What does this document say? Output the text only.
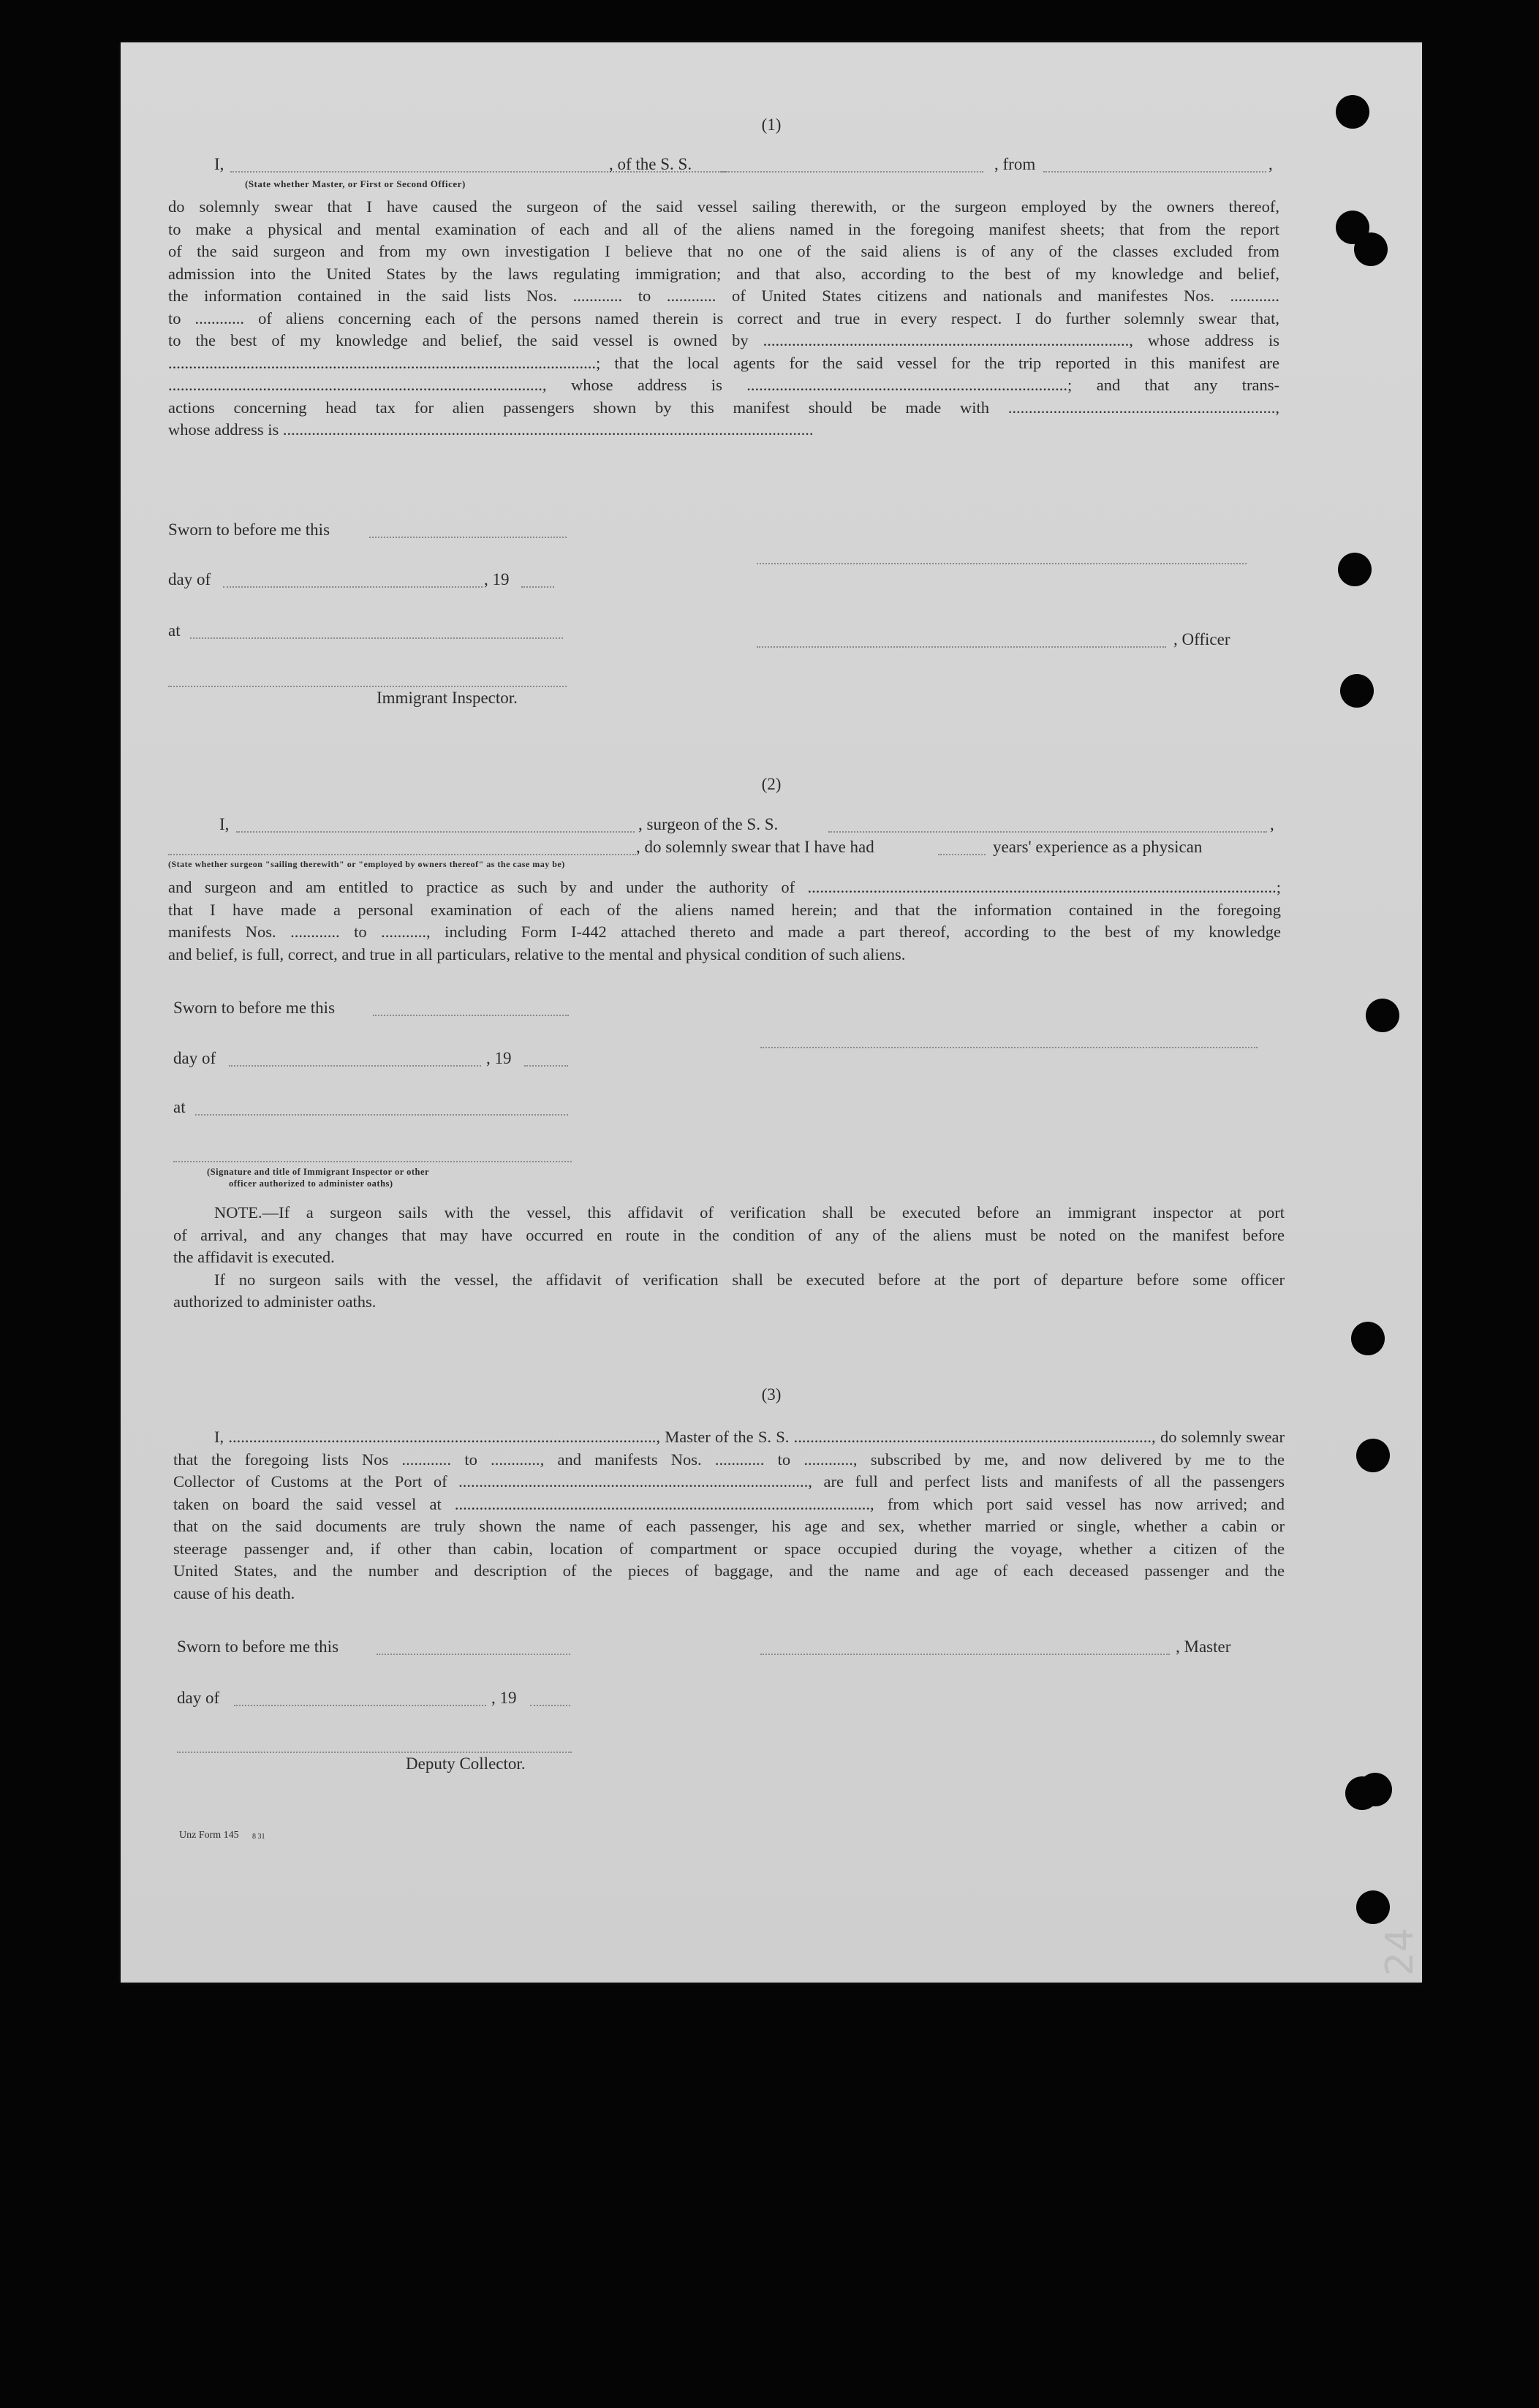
(1)
I,	, of the S. S.	, from	,
(State whether Master, or First or Second Officer)
do solemnly swear that I have caused the surgeon of the said vessel sailing therewith, or the surgeon employed by the owners thereof,
to make a physical and mental examination of each and all of the aliens named in the foregoing manifest sheets; that from the report
of the said surgeon and from my own investigation I believe that no one of the said aliens is of any of the classes excluded from
admission into the United States by the laws regulating immigration; and that also, according to the best of my knowledge and belief,
the information contained in the said lists Nos. ............ to ............ of United States citizens and nationals and manifestes Nos. ............
to ............ of aliens concerning each of the persons named therein is correct and true in every respect. I do further solemnly swear that,
to the best of my knowledge and belief, the said vessel is owned by ........................................................................................., whose address is
........................................................................................................; that the local agents for the said vessel for the trip reported in this manifest are
..........................................................................................., whose address is ..............................................................................; and that any trans-
actions concerning head tax for alien passengers shown by this manifest should be made with .................................................................,
whose address is .................................................................................................................................
Sworn to before me this
day of	, 19
at	, Officer
Immigrant Inspector.
(2)
I,	, surgeon of the S. S.	,
, do solemnly swear that I have had	years' experience as a physican
(State whether surgeon "sailing therewith" or "employed by owners thereof" as the case may be)
and surgeon and am entitled to practice as such by and under the authority of ..................................................................................................................;
that I have made a personal examination of each of the aliens named herein; and that the information contained in the foregoing
manifests Nos. ............ to ..........., including Form I-442 attached thereto and made a part thereof, according to the best of my knowledge
and belief, is full, correct, and true in all particulars, relative to the mental and physical condition of such aliens.
Sworn to before me this
day of	, 19
at
(Signature and title of Immigrant Inspector or other
officer authorized to administer oaths)
NOTE.—If a surgeon sails with the vessel, this affidavit of verification shall be executed before an immigrant inspector at port
of arrival, and any changes that may have occurred en route in the condition of any of the aliens must be noted on the manifest before
the affidavit is executed.
If no surgeon sails with the vessel, the affidavit of verification shall be executed before at the port of departure before some officer
authorized to administer oaths.
(3)
I, ........................................................................................................, Master of the S. S. ......................................................................................., do solemnly swear
that the foregoing lists Nos ............ to ............, and manifests Nos. ............ to ............, subscribed by me, and now delivered by me to the
Collector of Customs at the Port of ....................................................................................., are full and perfect lists and manifests of all the passengers
taken on board the said vessel at ....................................................................................................., from which port said vessel has now arrived; and
that on the said documents are truly shown the name of each passenger, his age and sex, whether married or single, whether a cabin or
steerage passenger and, if other than cabin, location of compartment or space occupied during the voyage, whether a citizen of the
United States, and the number and description of the pieces of baggage, and the name and age of each deceased passenger and the
cause of his death.
Sworn to before me this	, Master
day of	, 19
Deputy Collector.
Unz Form 145 8 31
24
